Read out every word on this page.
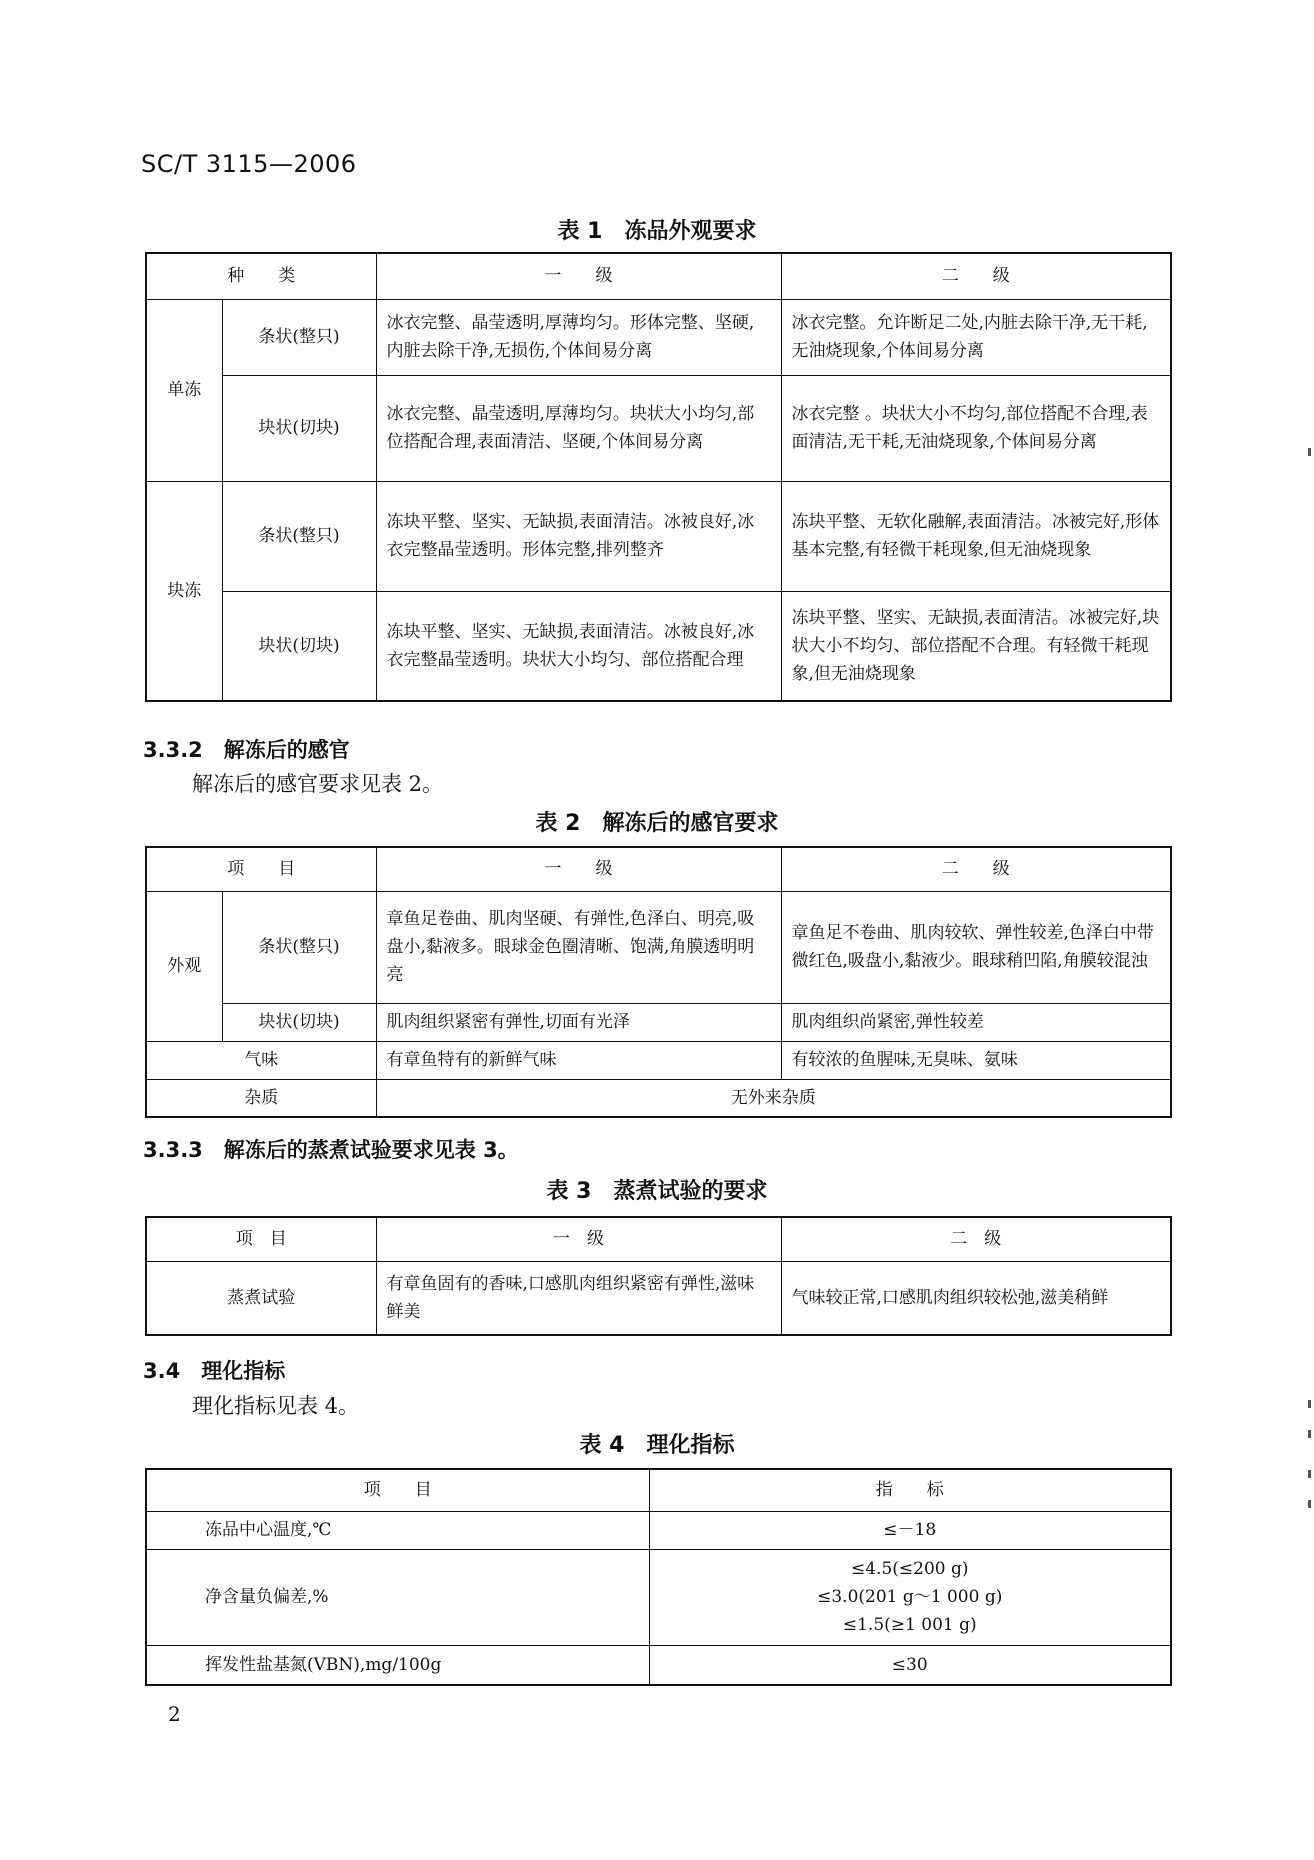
SC/T 3115—2006
表 1　冻品外观要求
种　　类		一　　级	二　　级
单冻	条状(整只)	冰衣完整、晶莹透明,厚薄均匀。形体完整、坚硬,内脏去除干净,无损伤,个体间易分离	冰衣完整。允许断足二处,内脏去除干净,无干耗,无油烧现象,个体间易分离
	块状(切块)	冰衣完整、晶莹透明,厚薄均匀。块状大小均匀,部位搭配合理,表面清洁、坚硬,个体间易分离	冰衣完整 。块状大小不均匀,部位搭配不合理,表面清洁,无干耗,无油烧现象,个体间易分离
块冻	条状(整只)	冻块平整、坚实、无缺损,表面清洁。冰被良好,冰衣完整晶莹透明。形体完整,排列整齐	冻块平整、无软化融解,表面清洁。冰被完好,形体基本完整,有轻微干耗现象,但无油烧现象
	块状(切块)	冻块平整、坚实、无缺损,表面清洁。冰被良好,冰衣完整晶莹透明。块状大小均匀、部位搭配合理	冻块平整、坚实、无缺损,表面清洁。冰被完好,块状大小不均匀、部位搭配不合理。有轻微干耗现象,但无油烧现象
3.3.2　解冻后的感官
解冻后的感官要求见表 2。
表 2　解冻后的感官要求
项　　目		一　　级	二　　级
外观	条状(整只)	章鱼足卷曲、肌肉坚硬、有弹性,色泽白、明亮,吸盘小,黏液多。眼球金色圈清晰、饱满,角膜透明明亮	章鱼足不卷曲、肌肉较软、弹性较差,色泽白中带微红色,吸盘小,黏液少。眼球稍凹陷,角膜较混浊
	块状(切块)	肌肉组织紧密有弹性,切面有光泽	肌肉组织尚紧密,弹性较差
气味		有章鱼特有的新鲜气味	有较浓的鱼腥味,无臭味、氨味
杂质		无外来杂质	
3.3.3　解冻后的蒸煮试验要求见表 3。
表 3　蒸煮试验的要求
项　目	一　级	二　级
蒸煮试验	有章鱼固有的香味,口感肌肉组织紧密有弹性,滋味鲜美	气味较正常,口感肌肉组织较松弛,滋美稍鲜
3.4　理化指标
理化指标见表 4。
表 4　理化指标
项　　目	指　　标
冻品中心温度,℃	≤－18
净含量负偏差,%	≤4.5(≤200 g)
≤3.0(201 g～1 000 g)
≤1.5(≥1 001 g)

挥发性盐基氮(VBN),mg/100g	≤30
2
